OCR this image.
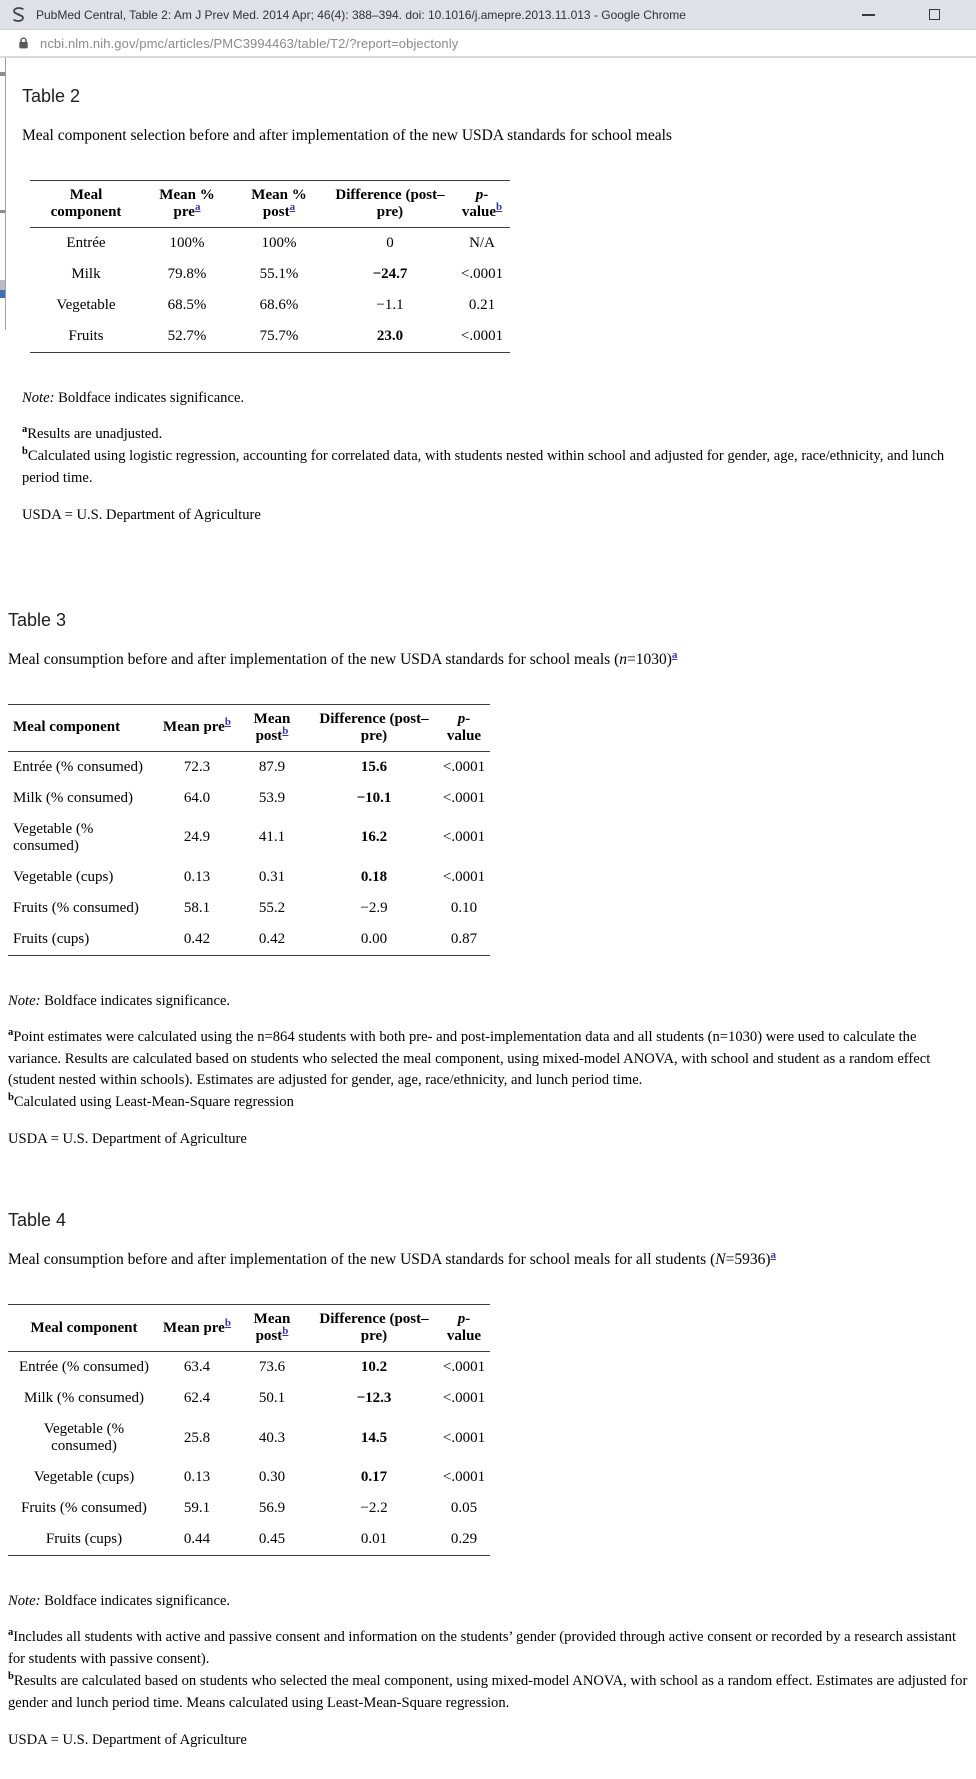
PubMed Central, Table 2: Am J Prev Med. 2014 Apr; 46(4): 388–394. doi: 10.1016/j.amepre.2013.11.013 - Google Chrome
ncbi.nlm.nih.gov/pmc/articles/PMC3994463/table/T2/?report=objectonly
Table 2

Meal component selection before and after implementation of the new USDA standards for school meals

Meal component	Mean % pre$^a$	Mean % post$^a$	Difference (post–pre)	p-value$^b$
Entrée	100%	100%	0	N/A
Milk	79.8%	55.1%	−24.7	<.0001
Vegetable	68.5%	68.6%	−1.1	0.21
Fruits	52.7%	75.7%	23.0	<.0001

Note: Boldface indicates significance.

$^a$Results are unadjusted.

$^b$Calculated using logistic regression, accounting for correlated data, with students nested within school and adjusted for gender, age, race/ethnicity, and lunch period time.

USDA = U.S. Department of Agriculture

Table 3

Meal consumption before and after implementation of the new USDA standards for school meals (n=1030)$^a$

Meal component	Mean pre$^b$	Mean post$^b$	Difference (post–pre)	p-value
Entrée (% consumed)	72.3	87.9	15.6	<.0001
Milk (% consumed)	64.0	53.9	−10.1	<.0001
Vegetable (% consumed)	24.9	41.1	16.2	<.0001
Vegetable (cups)	0.13	0.31	0.18	<.0001
Fruits (% consumed)	58.1	55.2	−2.9	0.10
Fruits (cups)	0.42	0.42	0.00	0.87

Note: Boldface indicates significance.

$^a$Point estimates were calculated using the n=864 students with both pre- and post-implementation data and all students (n=1030) were used to calculate the variance. Results are calculated based on students who selected the meal component, using mixed-model ANOVA, with school and student as a random effect (student nested within schools). Estimates are adjusted for gender, age, race/ethnicity, and lunch period time.

$^b$Calculated using Least-Mean-Square regression

USDA = U.S. Department of Agriculture

Table 4

Meal consumption before and after implementation of the new USDA standards for school meals for all students (N=5936)$^a$

Meal component	Mean pre$^b$	Mean post$^b$	Difference (post–pre)	p-value
Entrée (% consumed)	63.4	73.6	10.2	<.0001
Milk (% consumed)	62.4	50.1	−12.3	<.0001
Vegetable (% consumed)	25.8	40.3	14.5	<.0001
Vegetable (cups)	0.13	0.30	0.17	<.0001
Fruits (% consumed)	59.1	56.9	−2.2	0.05
Fruits (cups)	0.44	0.45	0.01	0.29

Note: Boldface indicates significance.

$^a$Includes all students with active and passive consent and information on the students’ gender (provided through active consent or recorded by a research assistant for students with passive consent).

$^b$Results are calculated based on students who selected the meal component, using mixed-model ANOVA, with school as a random effect. Estimates are adjusted for gender and lunch period time. Means calculated using Least-Mean-Square regression.

USDA = U.S. Department of Agriculture
